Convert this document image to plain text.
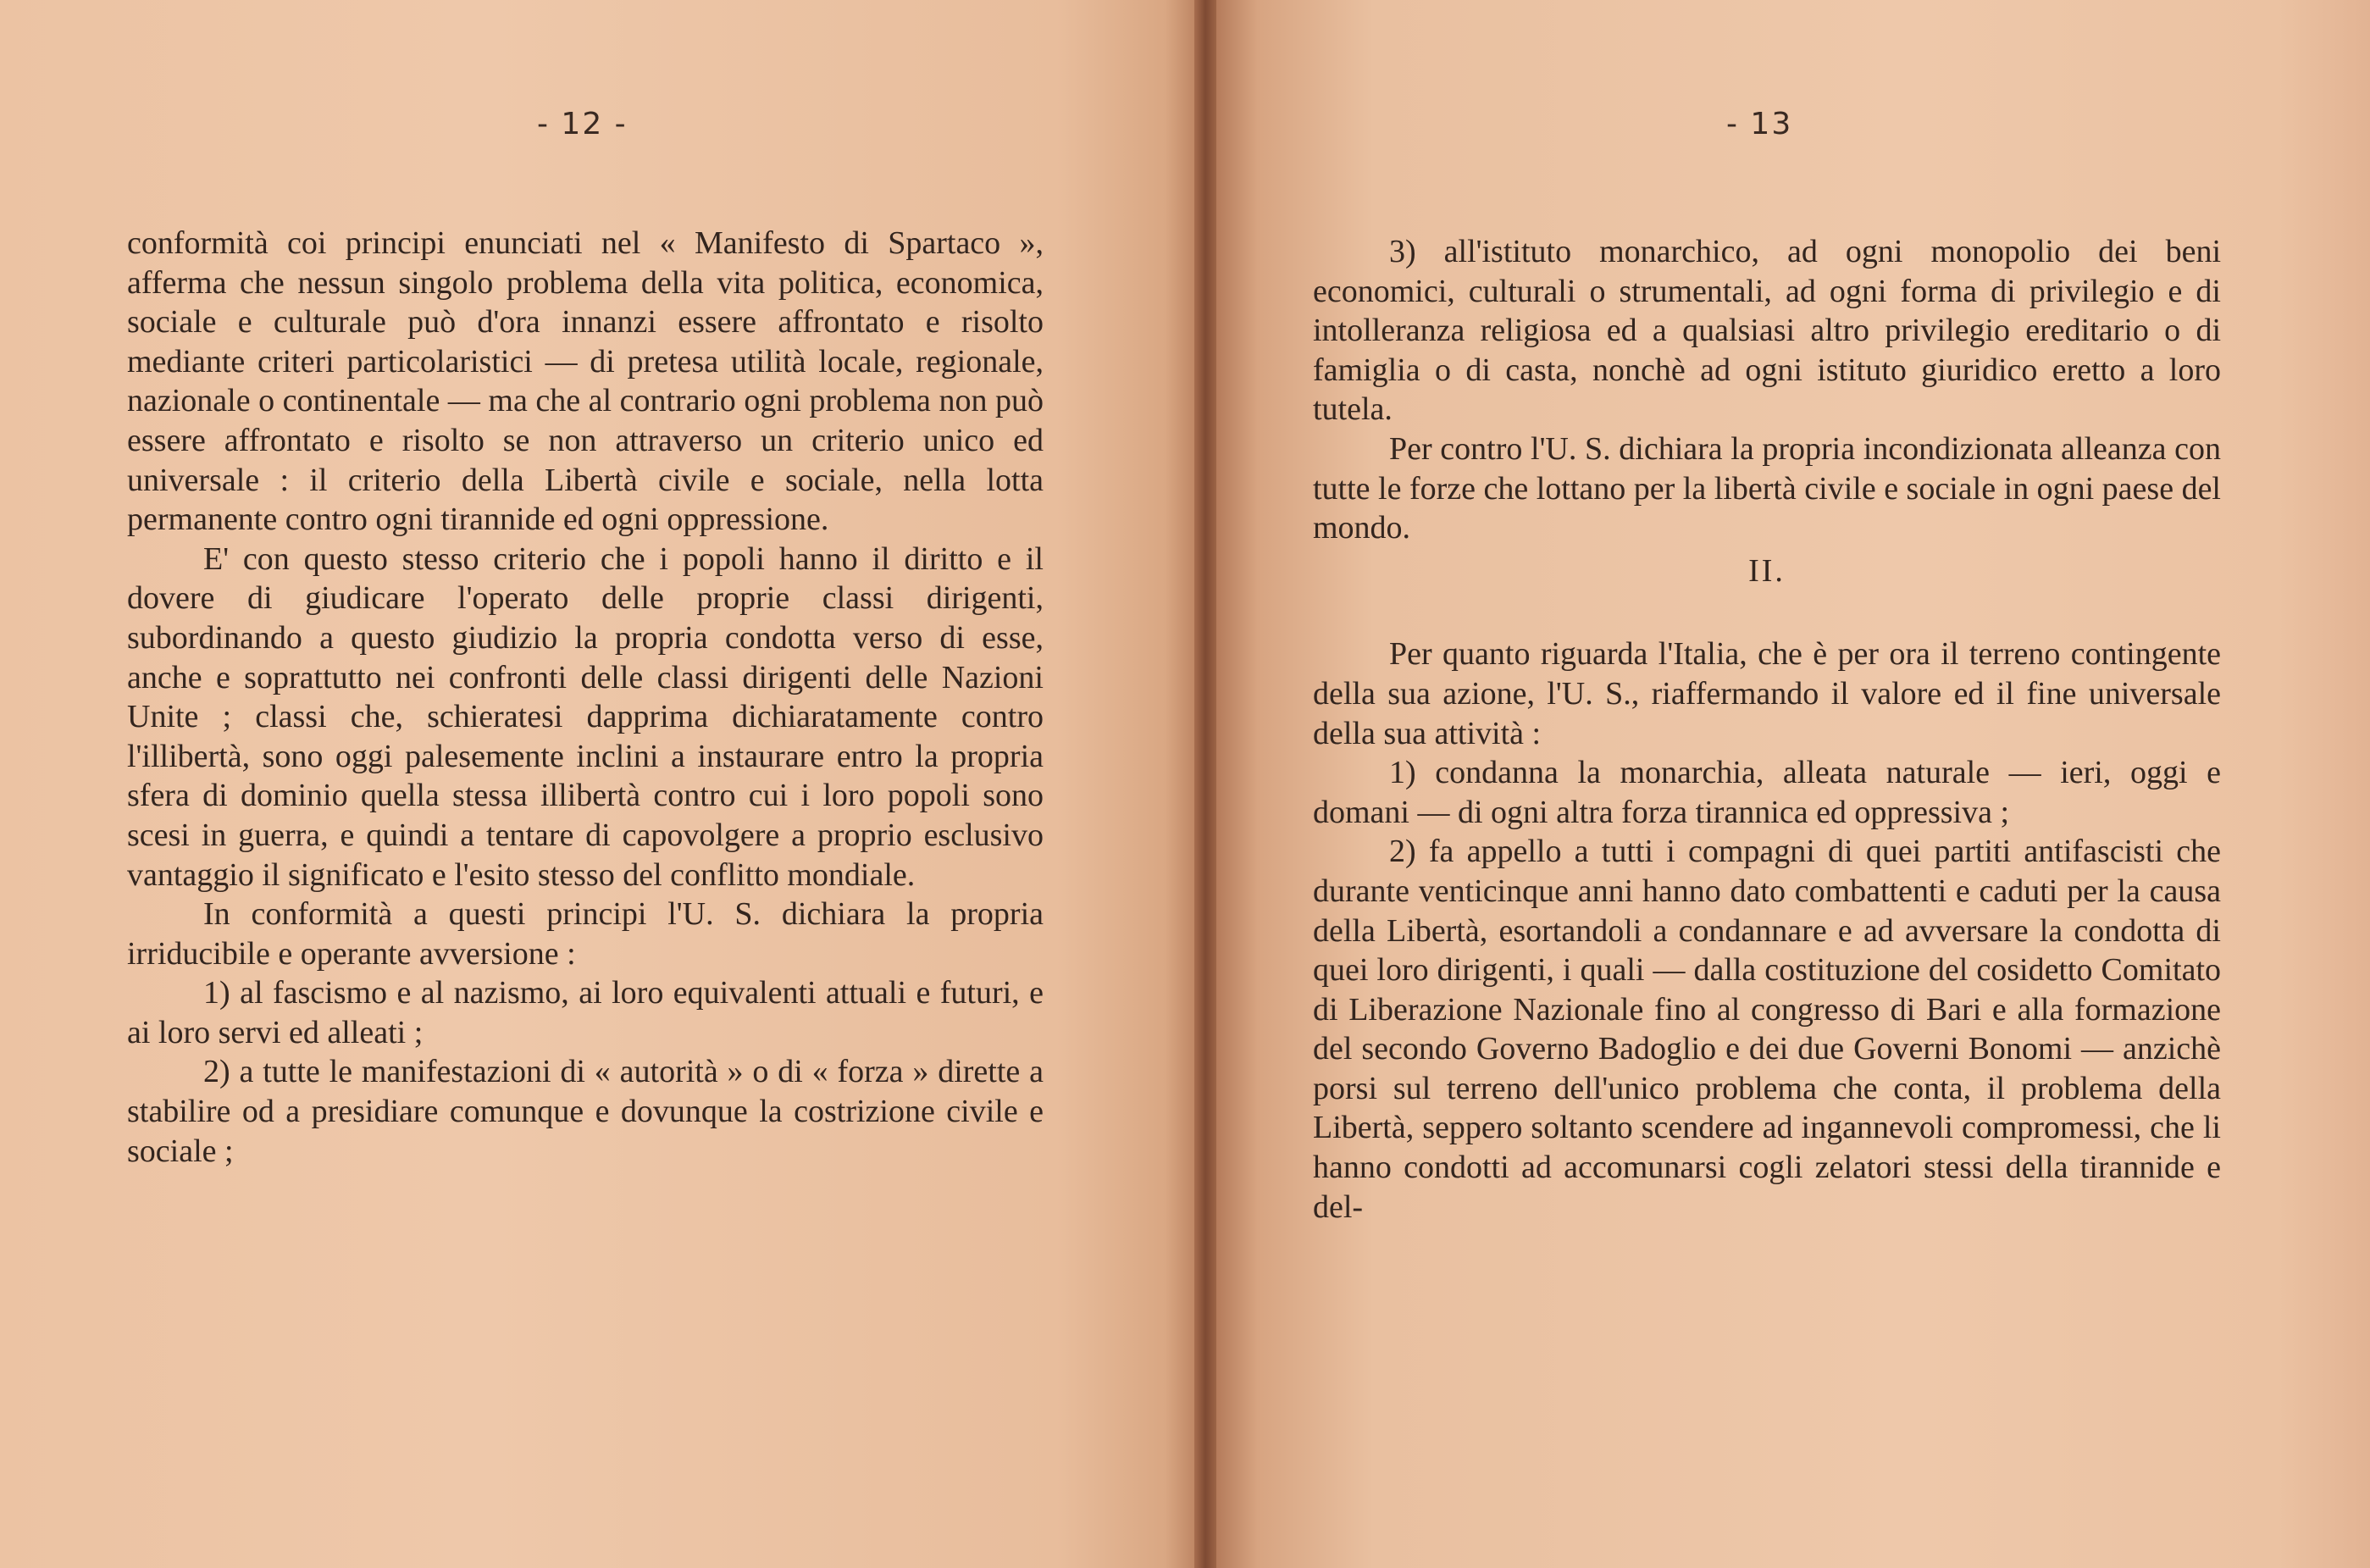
- 12 -

conformità coi principi enunciati nel « Manifesto di Spartaco », afferma che nessun singolo problema della vita politica, economica, sociale e culturale può d'ora innanzi essere affrontato e risolto mediante criteri particolaristici — di pretesa utilità locale, regionale, nazionale o continentale — ma che al contrario ogni problema non può essere affrontato e risolto se non attraverso un criterio unico ed universale : il criterio della Libertà civile e sociale, nella lotta permanente contro ogni tirannide ed ogni oppressione.

E' con questo stesso criterio che i popoli hanno il diritto e il dovere di giudicare l'operato delle proprie classi dirigenti, subordinando a questo giudizio la propria condotta verso di esse, anche e soprattutto nei confronti delle classi dirigenti delle Nazioni Unite ; classi che, schieratesi dapprima dichiaratamente contro l'illibertà, sono oggi palesemente inclini a instaurare entro la propria sfera di dominio quella stessa illibertà contro cui i loro popoli sono scesi in guerra, e quindi a tentare di capovolgere a proprio esclusivo vantaggio il significato e l'esito stesso del conflitto mondiale.

In conformità a questi principi l'U. S. dichiara la propria irriducibile e operante avversione :

1) al fascismo e al nazismo, ai loro equivalenti attuali e futuri, e ai loro servi ed alleati ;

2) a tutte le manifestazioni di « autorità » o di « forza » dirette a stabilire od a presidiare comunque e dovunque la costrizione civile e sociale ;

- 13

3) all'istituto monarchico, ad ogni monopolio dei beni economici, culturali o strumentali, ad ogni forma di privilegio e di intolleranza religiosa ed a qualsiasi altro privilegio ereditario o di famiglia o di casta, nonchè ad ogni istituto giuridico eretto a loro tutela.

Per contro l'U. S. dichiara la propria incondizionata alleanza con tutte le forze che lottano per la libertà civile e sociale in ogni paese del mondo.

II.

Per quanto riguarda l'Italia, che è per ora il terreno contingente della sua azione, l'U. S., riaffermando il valore ed il fine universale della sua attività :

1) condanna la monarchia, alleata naturale — ieri, oggi e domani — di ogni altra forza tirannica ed oppressiva ;

2) fa appello a tutti i compagni di quei partiti antifascisti che durante venticinque anni hanno dato combattenti e caduti per la causa della Libertà, esortandoli a condannare e ad avversare la condotta di quei loro dirigenti, i quali — dalla costituzione del cosidetto Comitato di Liberazione Nazionale fino al congresso di Bari e alla formazione del secondo Governo Badoglio e dei due Governi Bonomi — anzichè porsi sul terreno dell'unico problema che conta, il problema della Libertà, seppero soltanto scendere ad ingannevoli compromessi, che li hanno condotti ad accomunarsi cogli zelatori stessi della tirannide e del-
